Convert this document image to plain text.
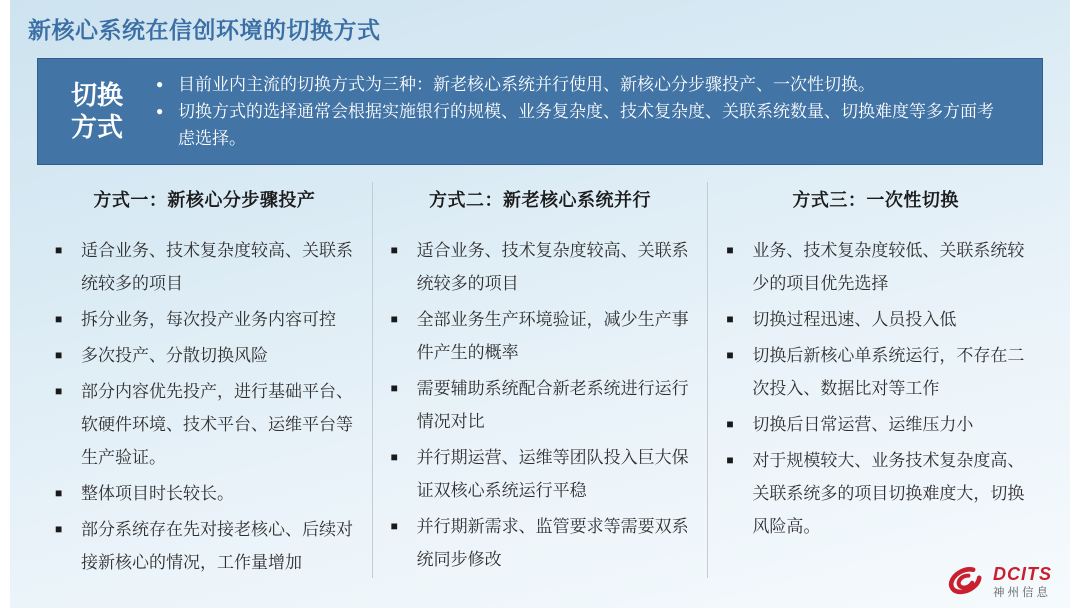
新核心系统在信创环境的切换方式
切换
方式
● 目前业内主流的切换方式为三种：新老核心系统并行使用、新核心分步骤投产、一次性切换。
● 切换方式的选择通常会根据实施银行的规模、业务复杂度、技术复杂度、关联系统数量、切换难度等多方面考虑选择。
方式一：新核心分步骤投产
■	适合业务、技术复杂度较高、关联系统较多的项目
■	拆分业务，每次投产业务内容可控
■	多次投产、分散切换风险
■	部分内容优先投产，进行基础平台、软硬件环境、技术平台、运维平台等生产验证。
■	整体项目时长较长。
■	部分系统存在先对接老核心、后续对接新核心的情况，工作量增加
方式二：新老核心系统并行
■	适合业务、技术复杂度较高、关联系统较多的项目
■	全部业务生产环境验证，减少生产事件产生的概率
■	需要辅助系统配合新老系统进行运行情况对比
■	并行期运营、运维等团队投入巨大保证双核心系统运行平稳
■	并行期新需求、监管要求等需要双系统同步修改
方式三：一次性切换
■	业务、技术复杂度较低、关联系统较少的项目优先选择
■	切换过程迅速、人员投入低
■	切换后新核心单系统运行，不存在二次投入、数据比对等工作
■	切换后日常运营、运维压力小
■	对于规模较大、业务技术复杂度高、关联系统多的项目切换难度大，切换风险高。
DCITS
神州信息
